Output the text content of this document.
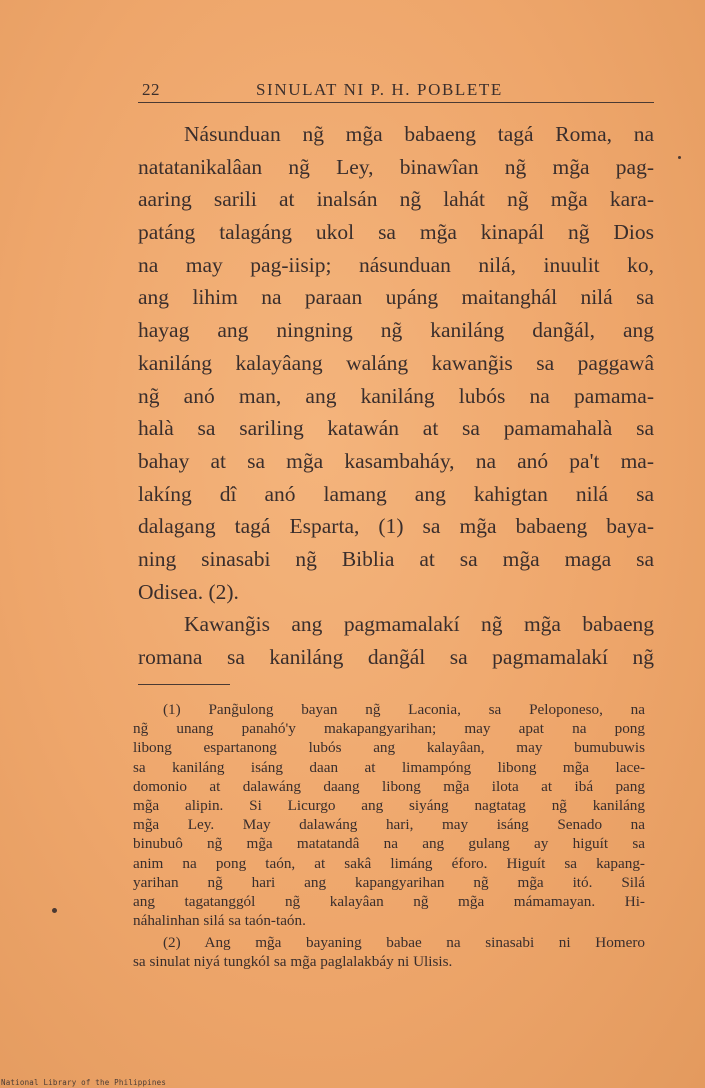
22	SINULAT NI P. H. POBLETE
Násunduan ng̃ mg̃a babaeng tagá Roma, na
natatanikalâan ng̃ Ley, binawîan ng̃ mg̃a pag-
aaring sarili at inalsán ng̃ lahát ng̃ mg̃a kara-
patáng talagáng ukol sa mg̃a kinapál ng̃ Dios
na may pag-iisip; násunduan nilá, inuulit ko,
ang lihim na paraan upáng maitanghál nilá sa
hayag ang ningning ng̃ kaniláng dang̃ál, ang
kaniláng kalayâang waláng kawang̃is sa paggawâ
ng̃ anó man, ang kaniláng lubós na pamama-
halà sa sariling katawán at sa pamamahalà sa
bahay at sa mg̃a kasambaháy, na anó pa't ma-
lakíng dî anó lamang ang kahigtan nilá sa
dalagang tagá Esparta, (1) sa mg̃a babaeng baya-
ning sinasabi ng̃ Biblia at sa mg̃a maga sa
Odisea. (2).
Kawang̃is ang pagmamalakí ng̃ mg̃a babaeng
romana sa kaniláng dang̃ál sa pagmamalakí ng̃
(1) Pang̃ulong bayan ng̃ Laconia, sa Peloponeso, na
ng̃ unang panahó'y makapangyarihan; may apat na pong
libong espartanong lubós ang kalayâan, may bumubuwis
sa kaniláng isáng daan at limampóng libong mg̃a lace-
domonio at dalawáng daang libong mg̃a ilota at ibá pang
mg̃a alipin. Si Licurgo ang siyáng nagtatag ng̃ kaniláng
mg̃a Ley. May dalawáng hari, may isáng Senado na
binubuô ng̃ mg̃a matatandâ na ang gulang ay higuít sa
anim na pong taón, at sakâ limáng éforo. Higuít sa kapang-
yarihan ng̃ hari ang kapangyarihan ng̃ mg̃a itó. Silá
ang tagatanggól ng̃ kalayâan ng̃ mg̃a mámamayan. Hi-
náhalinhan silá sa taón-taón.
(2) Ang mg̃a bayaning babae na sinasabi ni Homero
sa sinulat niyá tungkól sa mg̃a paglalakbáy ni Ulisis.
National Library of the Philippines
